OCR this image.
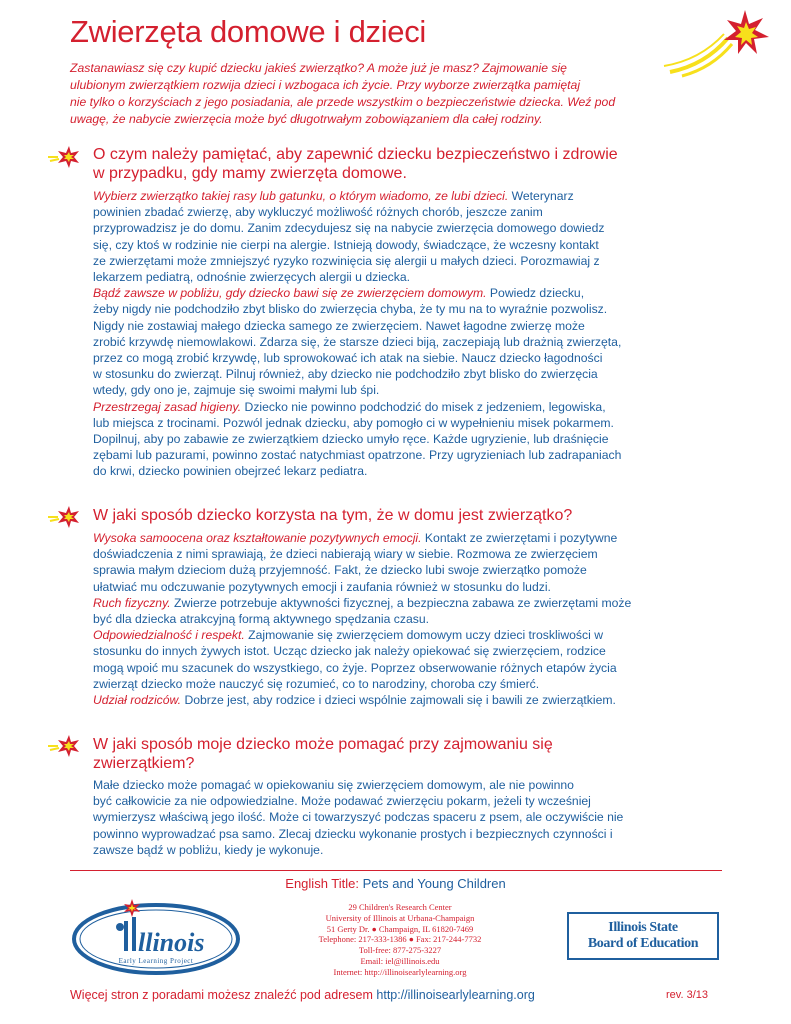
Zwierzęta domowe i dzieci
Zastanawiasz się czy kupić dziecku jakieś zwierzątko? A może już je masz? Zajmowanie się
ulubionym zwierzątkiem rozwija dzieci i wzbogaca ich życie. Przy wyborze zwierzątka pamiętaj
nie tylko o korzyściach z jego posiadania, ale przede wszystkim o bezpieczeństwie dziecka. Weź pod
uwagę, że nabycie zwierzęcia może być długotrwałym zobowiązaniem dla całej rodziny.
O czym należy pamiętać, aby zapewnić dziecku bezpieczeństwo i zdrowie
w przypadku, gdy mamy zwierzęta domowe.

Wybierz zwierzątko takiej rasy lub gatunku, o którym wiadomo, ze lubi dzieci. Weterynarz
powinien zbadać zwierzę, aby wykluczyć możliwość różnych chorób, jeszcze zanim
przyprowadzisz je do domu. Zanim zdecydujesz się na nabycie zwierzęcia domowego dowiedz
się, czy ktoś w rodzinie nie cierpi na alergie. Istnieją dowody, świadczące, że wczesny kontakt
ze zwierzętami może zmniejszyć ryzyko rozwinięcia się alergii u małych dzieci. Porozmawiaj z
lekarzem pediatrą, odnośnie zwierzęcych alergii u dziecka.

Bądź zawsze w pobliżu, gdy dziecko bawi się ze zwierzęciem domowym. Powiedz dziecku,
żeby nigdy nie podchodziło zbyt blisko do zwierzęcia chyba, że ty mu na to wyraźnie pozwolisz.
Nigdy nie zostawiaj małego dziecka samego ze zwierzęciem. Nawet łagodne zwierzę może
zrobić krzywdę niemowlakowi. Zdarza się, że starsze dzieci biją, zaczepiają lub drażnią zwierzęta,
przez co mogą zrobić krzywdę, lub sprowokować ich atak na siebie. Naucz dziecko łagodności
w stosunku do zwierząt. Pilnuj również, aby dziecko nie podchodziło zbyt blisko do zwierzęcia
wtedy, gdy ono je, zajmuje się swoimi małymi lub śpi.

Przestrzegaj zasad higieny. Dziecko nie powinno podchodzić do misek z jedzeniem, legowiska,
lub miejsca z trocinami. Pozwól jednak dziecku, aby pomogło ci w wypełnieniu misek pokarmem.
Dopilnuj, aby po zabawie ze zwierzątkiem dziecko umyło ręce. Każde ugryzienie, lub draśnięcie
zębami lub pazurami, powinno zostać natychmiast opatrzone. Przy ugryzieniach lub zadrapaniach
do krwi, dziecko powinien obejrzeć lekarz pediatra.

W jaki sposób dziecko korzysta na tym, że w domu jest zwierzątko?

Wysoka samoocena oraz kształtowanie pozytywnych emocji. Kontakt ze zwierzętami i pozytywne
doświadczenia z nimi sprawiają, że dzieci nabierają wiary w siebie. Rozmowa ze zwierzęciem
sprawia małym dzieciom dużą przyjemność. Fakt, że dziecko lubi swoje zwierzątko pomoże
ułatwiać mu odczuwanie pozytywnych emocji i zaufania również w stosunku do ludzi.

Ruch fizyczny. Zwierze potrzebuje aktywności fizycznej, a bezpieczna zabawa ze zwierzętami może
być dla dziecka atrakcyjną formą aktywnego spędzania czasu.

Odpowiedzialność i respekt. Zajmowanie się zwierzęciem domowym uczy dzieci troskliwości w
stosunku do innych żywych istot. Ucząc dziecko jak należy opiekować się zwierzęciem, rodzice
mogą wpoić mu szacunek do wszystkiego, co żyje. Poprzez obserwowanie różnych etapów życia
zwierząt dziecko może nauczyć się rozumieć, co to narodziny, choroba czy śmierć.

Udział rodziców. Dobrze jest, aby rodzice i dzieci wspólnie zajmowali się i bawili ze zwierzątkiem.

W jaki sposób moje dziecko może pomagać przy zajmowaniu się
zwierzątkiem?

Małe dziecko może pomagać w opiekowaniu się zwierzęciem domowym, ale nie powinno
być całkowicie za nie odpowiedzialne. Może podawać zwierzęciu pokarm, jeżeli ty wcześniej
wymierzysz właściwą jego ilość. Może ci towarzyszyć podczas spaceru z psem, ale oczywiście nie
powinno wyprowadzać psa samo. Zlecaj dziecku wykonanie prostych i bezpiecznych czynności i
zawsze bądź w pobliżu, kiedy je wykonuje.

English Title: Pets and Young Children
llinois
Early Learning Project
29 Children's Research Center
University of Illinois at Urbana-Champaign
51 Gerty Dr. ● Champaign, IL 61820-7469
Telephone: 217-333-1386 ● Fax: 217-244-7732
Toll-free: 877-275-3227
Email: iel@illinois.edu
Internet: http://illinoisearlylearning.org
Illinois State
Board of Education
Więcej stron z poradami możesz znaleźć pod adresem http://illinoisearlylearning.org	rev. 3/13
